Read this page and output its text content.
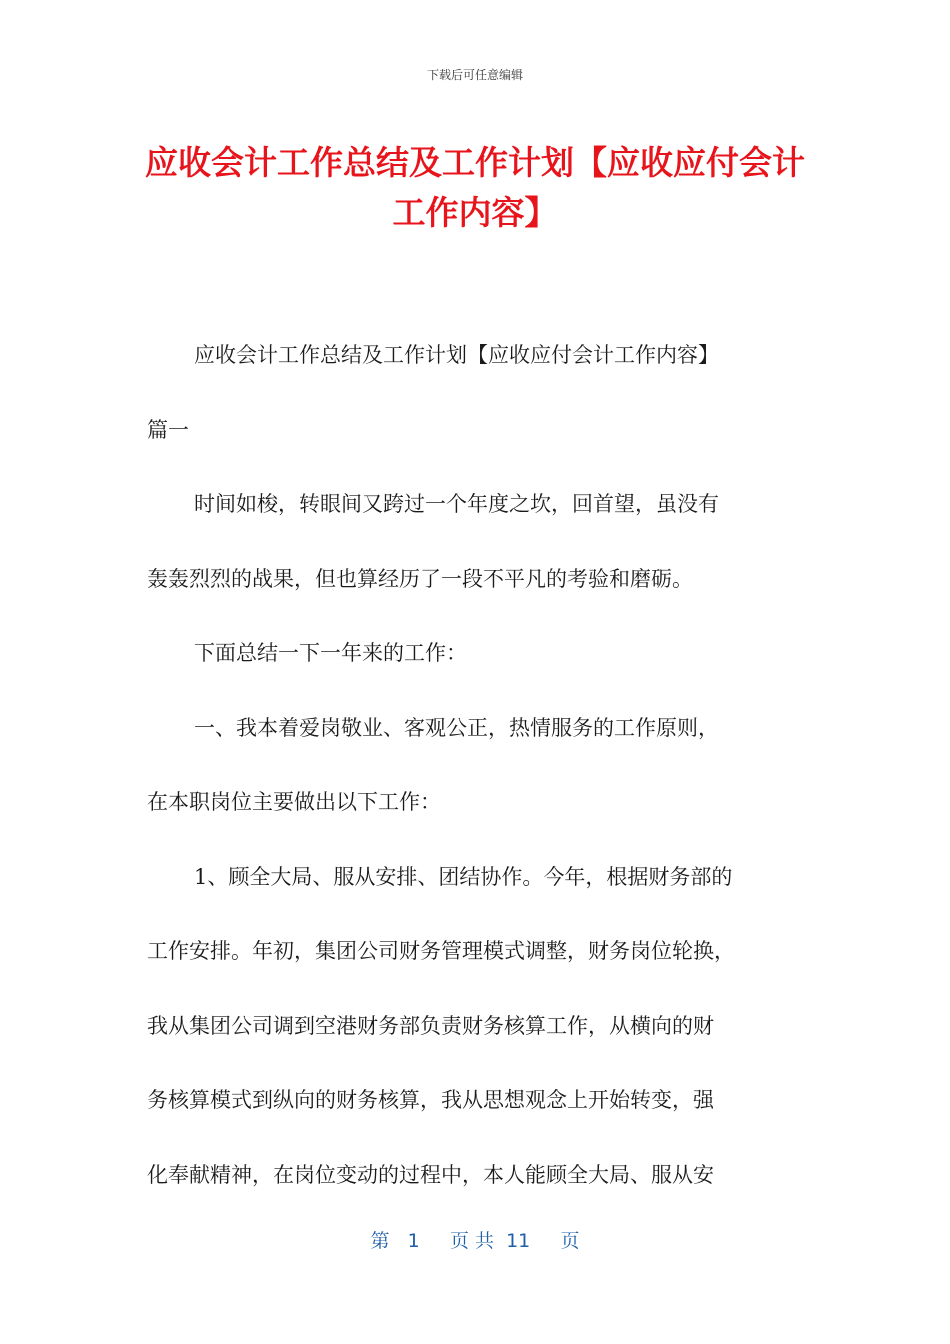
下载后可任意编辑
应收会计工作总结及工作计划【应收应付会计工作内容】
应收会计工作总结及工作计划【应收应付会计工作内容】
篇一
时间如梭，转眼间又跨过一个年度之坎，回首望，虽没有
轰轰烈烈的战果，但也算经历了一段不平凡的考验和磨砺。
下面总结一下一年来的工作：
一、我本着爱岗敬业、客观公正，热情服务的工作原则，
在本职岗位主要做出以下工作：
1、顾全大局、服从安排、团结协作。今年，根据财务部的
工作安排。年初，集团公司财务管理模式调整，财务岗位轮换，
我从集团公司调到空港财务部负责财务核算工作，从横向的财
务核算模式到纵向的财务核算，我从思想观念上开始转变，强
化奉献精神，在岗位变动的过程中，本人能顾全大局、服从安
第   1     页 共  11     页
